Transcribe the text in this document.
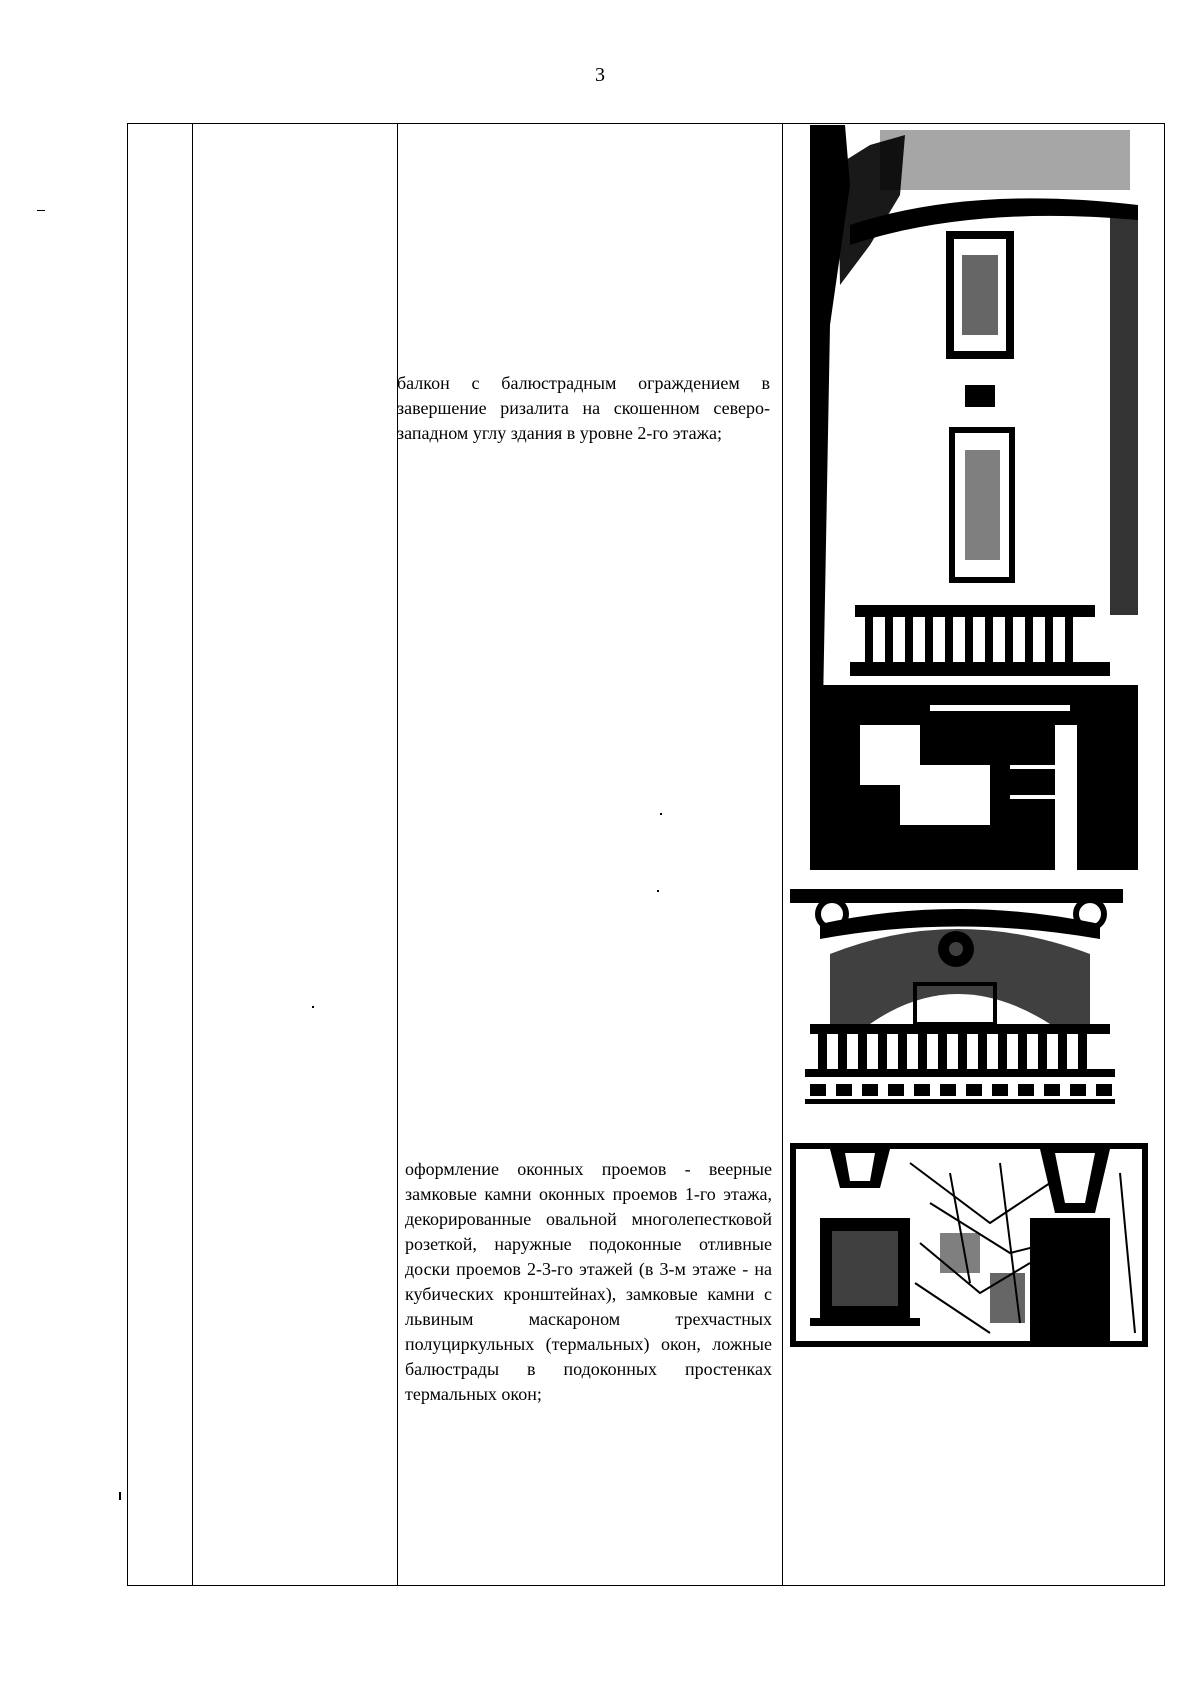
3
балкон с балюстрадным ограждением в завершение ризалита на скошенном северо-западном углу здания в уровне 2-го этажа;
оформление оконных проемов - веерные замковые камни оконных проемов 1-го этажа, декорированные овальной многолепестковой розеткой, наружные подоконные отливные доски проемов 2-3-го этажей (в 3-м этаже - на кубических кронштейнах), замковые камни с львиным маскароном трехчастных полуциркульных (термальных) окон, ложные балюстрады в подоконных простенках термальных окон;
